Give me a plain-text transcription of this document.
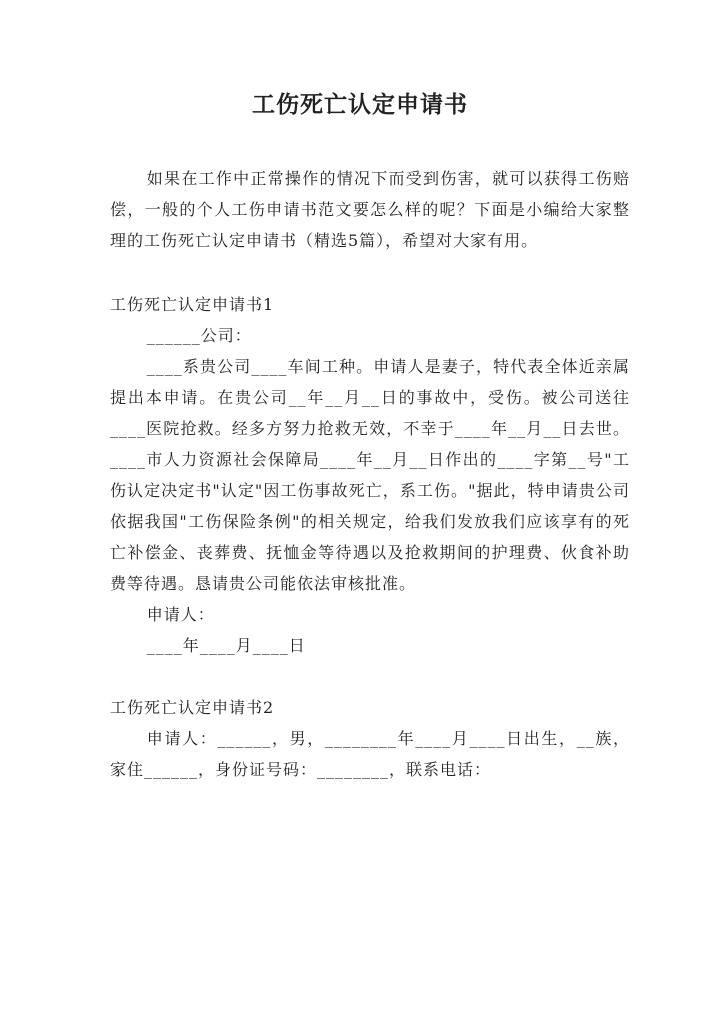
工伤死亡认定申请书

如果在工作中正常操作的情况下而受到伤害，就可以获得工伤赔偿，一般的个人工伤申请书范文要怎么样的呢？下面是小编给大家整理的工伤死亡认定申请书（精选5篇），希望对大家有用。

工伤死亡认定申请书1

______公司：

____系贵公司____车间工种。申请人是妻子，特代表全体近亲属提出本申请。在贵公司__年__月__日的事故中，受伤。被公司送往____医院抢救。经多方努力抢救无效，不幸于____年__月__日去世。____市人力资源社会保障局____年__月__日作出的____字第__号"工伤认定决定书"认定"因工伤事故死亡，系工伤。"据此，特申请贵公司依据我国"工伤保险条例"的相关规定，给我们发放我们应该享有的死亡补偿金、丧葬费、抚恤金等待遇以及抢救期间的护理费、伙食补助费等待遇。恳请贵公司能依法审核批准。

申请人：

____年____月____日

工伤死亡认定申请书2

申请人：______，男，________年____月____日出生，__族，家住______，身份证号码：________，联系电话：
